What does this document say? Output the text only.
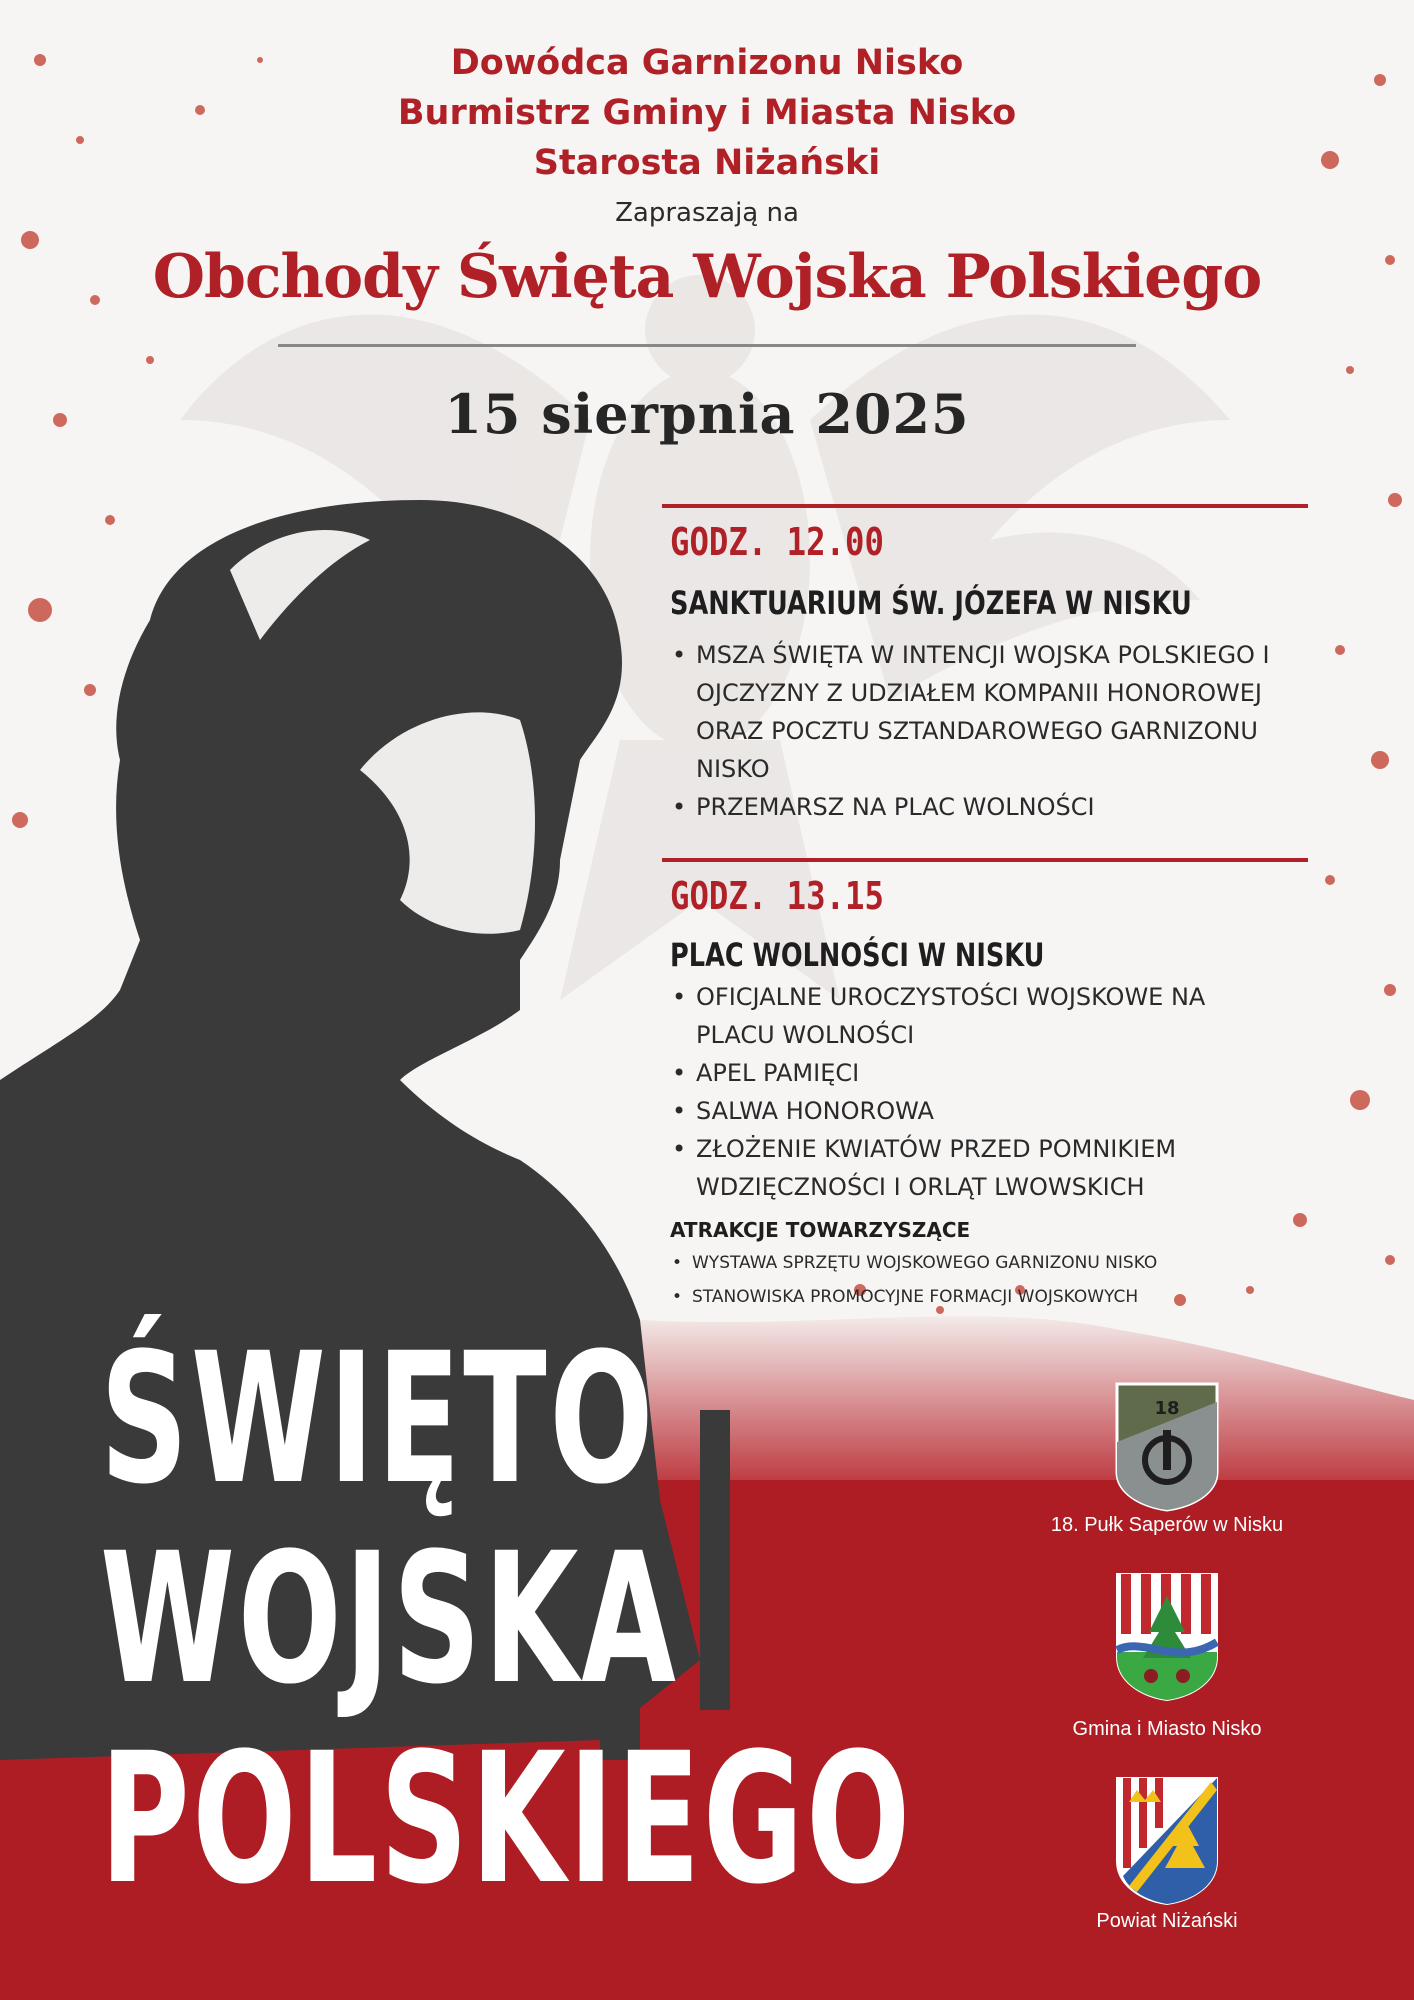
Dowódca Garnizonu Nisko
Burmistrz Gminy i Miasta Nisko
Starosta Niżański
Zapraszają na
Obchody Święta Wojska Polskiego
15 sierpnia 2025
GODZ. 12.00
SANKTUARIUM ŚW. JÓZEFA W NISKU
• MSZA ŚWIĘTA W INTENCJI WOJSKA POLSKIEGO I OJCZYZNY Z UDZIAŁEM KOMPANII HONOROWEJ ORAZ POCZTU SZTANDAROWEGO GARNIZONU NISKO
• PRZEMARSZ NA PLAC WOLNOŚCI
GODZ. 13.15
PLAC WOLNOŚCI W NISKU
• OFICJALNE UROCZYSTOŚCI WOJSKOWE NA PLACU WOLNOŚCI
• APEL PAMIĘCI
• SALWA HONOROWA
• ZŁOŻENIE KWIATÓW PRZED POMNIKIEM WDZIĘCZNOŚCI I ORLĄT LWOWSKICH
ATRAKCJE TOWARZYSZĄCE
• WYSTAWA SPRZĘTU WOJSKOWEGO GARNIZONU NISKO
• STANOWISKA PROMOCYJNE FORMACJI WOJSKOWYCH
ŚWIĘTO
WOJSKA
POLSKIEGO
18
18. Pułk Saperów w Nisku
Gmina i Miasto Nisko
Powiat Niżański
